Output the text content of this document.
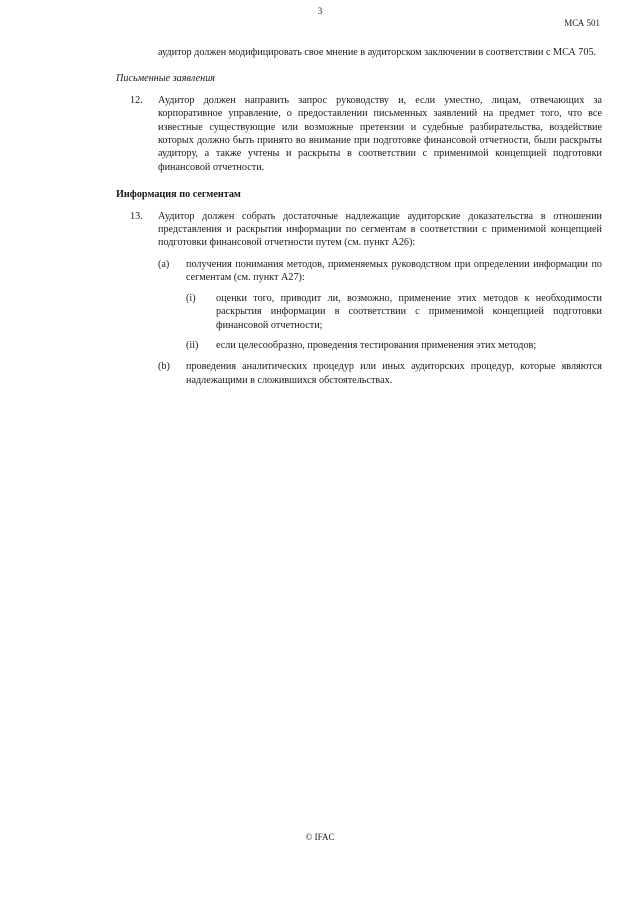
3
МСА 501

аудитор должен модифицировать свое мнение в аудиторском заключении в соответствии с МСА 705.

Письменные заявления

12.	Аудитор должен направить запрос руководству и, если уместно, лицам, отвечающих за корпоративное управление, о предоставлении письменных заявлений на предмет того, что все известные существующие или возможные претензии и судебные разбирательства, воздействие которых должно быть принято во внимание при подготовке финансовой отчетности, были раскрыты аудитору, а также учтены и раскрыты в соответствии с применимой концепцией подготовки финансовой отчетности.

Информация по сегментам

13.	Аудитор должен собрать достаточные надлежащие аудиторские доказательства в отношении представления и раскрытия информации по сегментам в соответствии с применимой концепцией подготовки финансовой отчетности путем (см. пункт А26):
(a)	получения понимания методов, применяемых руководством при определении информации по сегментам (см. пункт А27):
(i)	оценки того, приводит ли, возможно, применение этих методов к необходимости раскрытия информации в соответствии с применимой концепцией подготовки финансовой отчетности;
(ii)	если целесообразно, проведения тестирования применения этих методов;
(b)	проведения аналитических процедур или иных аудиторских процедур, которые являются надлежащими в сложившихся обстоятельствах.
© IFAC
